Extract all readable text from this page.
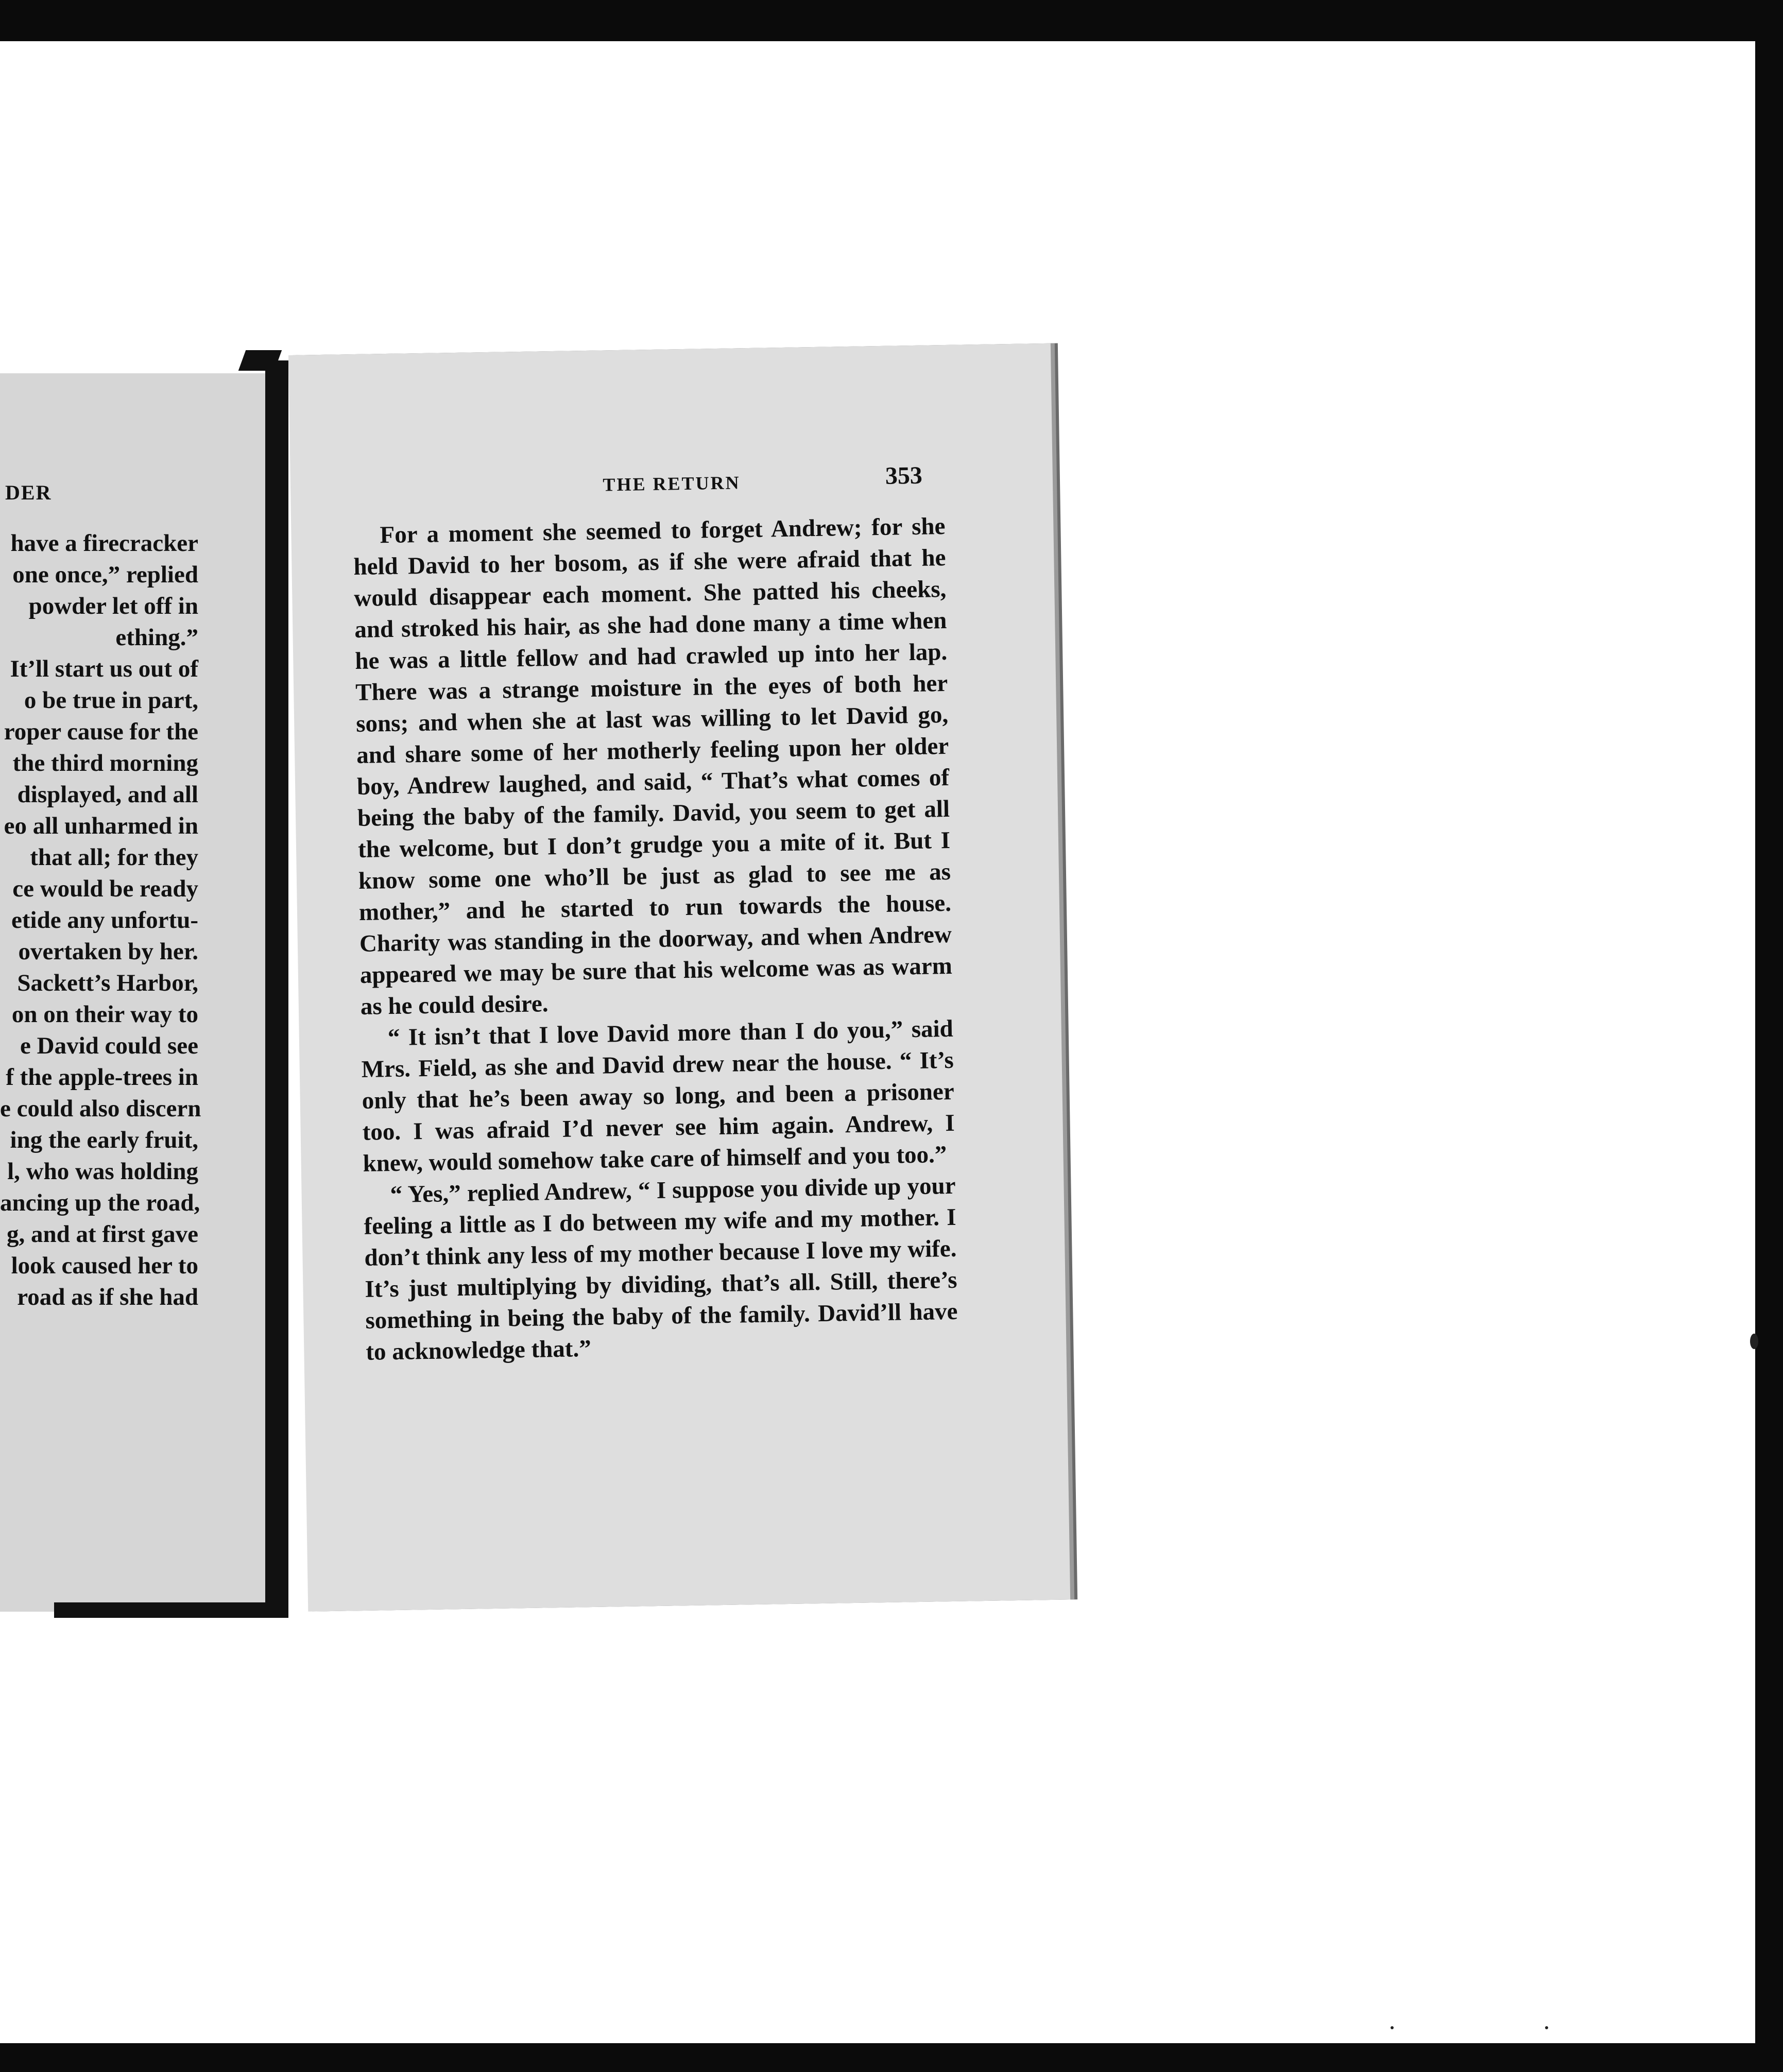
DER
have a firecracker
one once,” replied
powder let off in
ething.”
It’ll start us out of
o be true in part,
roper cause for the
the third morning
displayed, and all
eo all unharmed in
that all; for they
ce would be ready
etide any unfortu-
overtaken by her.
Sackett’s Harbor,
on on their way to
e David could see
f the apple-trees in
e could also discern
ing the early fruit,
l, who was holding
ancing up the road,
g, and at first gave
look caused her to
road as if she had
THE RETURN	353

For a moment she seemed to forget Andrew; for she held David to her bosom, as if she were afraid that he would disappear each moment. She patted his cheeks, and stroked his hair, as she had done many a time when he was a little fellow and had crawled up into her lap. There was a strange moisture in the eyes of both her sons; and when she at last was willing to let David go, and share some of her motherly feeling upon her older boy, Andrew laughed, and said, “ That’s what comes of being the baby of the family. David, you seem to get all the welcome, but I don’t grudge you a mite of it. But I know some one who’ll be just as glad to see me as mother,” and he started to run towards the house. Charity was standing in the doorway, and when Andrew appeared we may be sure that his welcome was as warm as he could desire.

“ It isn’t that I love David more than I do you,” said Mrs. Field, as she and David drew near the house. “ It’s only that he’s been away so long, and been a prisoner too. I was afraid I’d never see him again. Andrew, I knew, would somehow take care of himself and you too.”

“ Yes,” replied Andrew, “ I suppose you divide up your feeling a little as I do between my wife and my mother. I don’t think any less of my mother because I love my wife. It’s just multiplying by dividing, that’s all. Still, there’s something in being the baby of the family. David’ll have to acknowledge that.”
